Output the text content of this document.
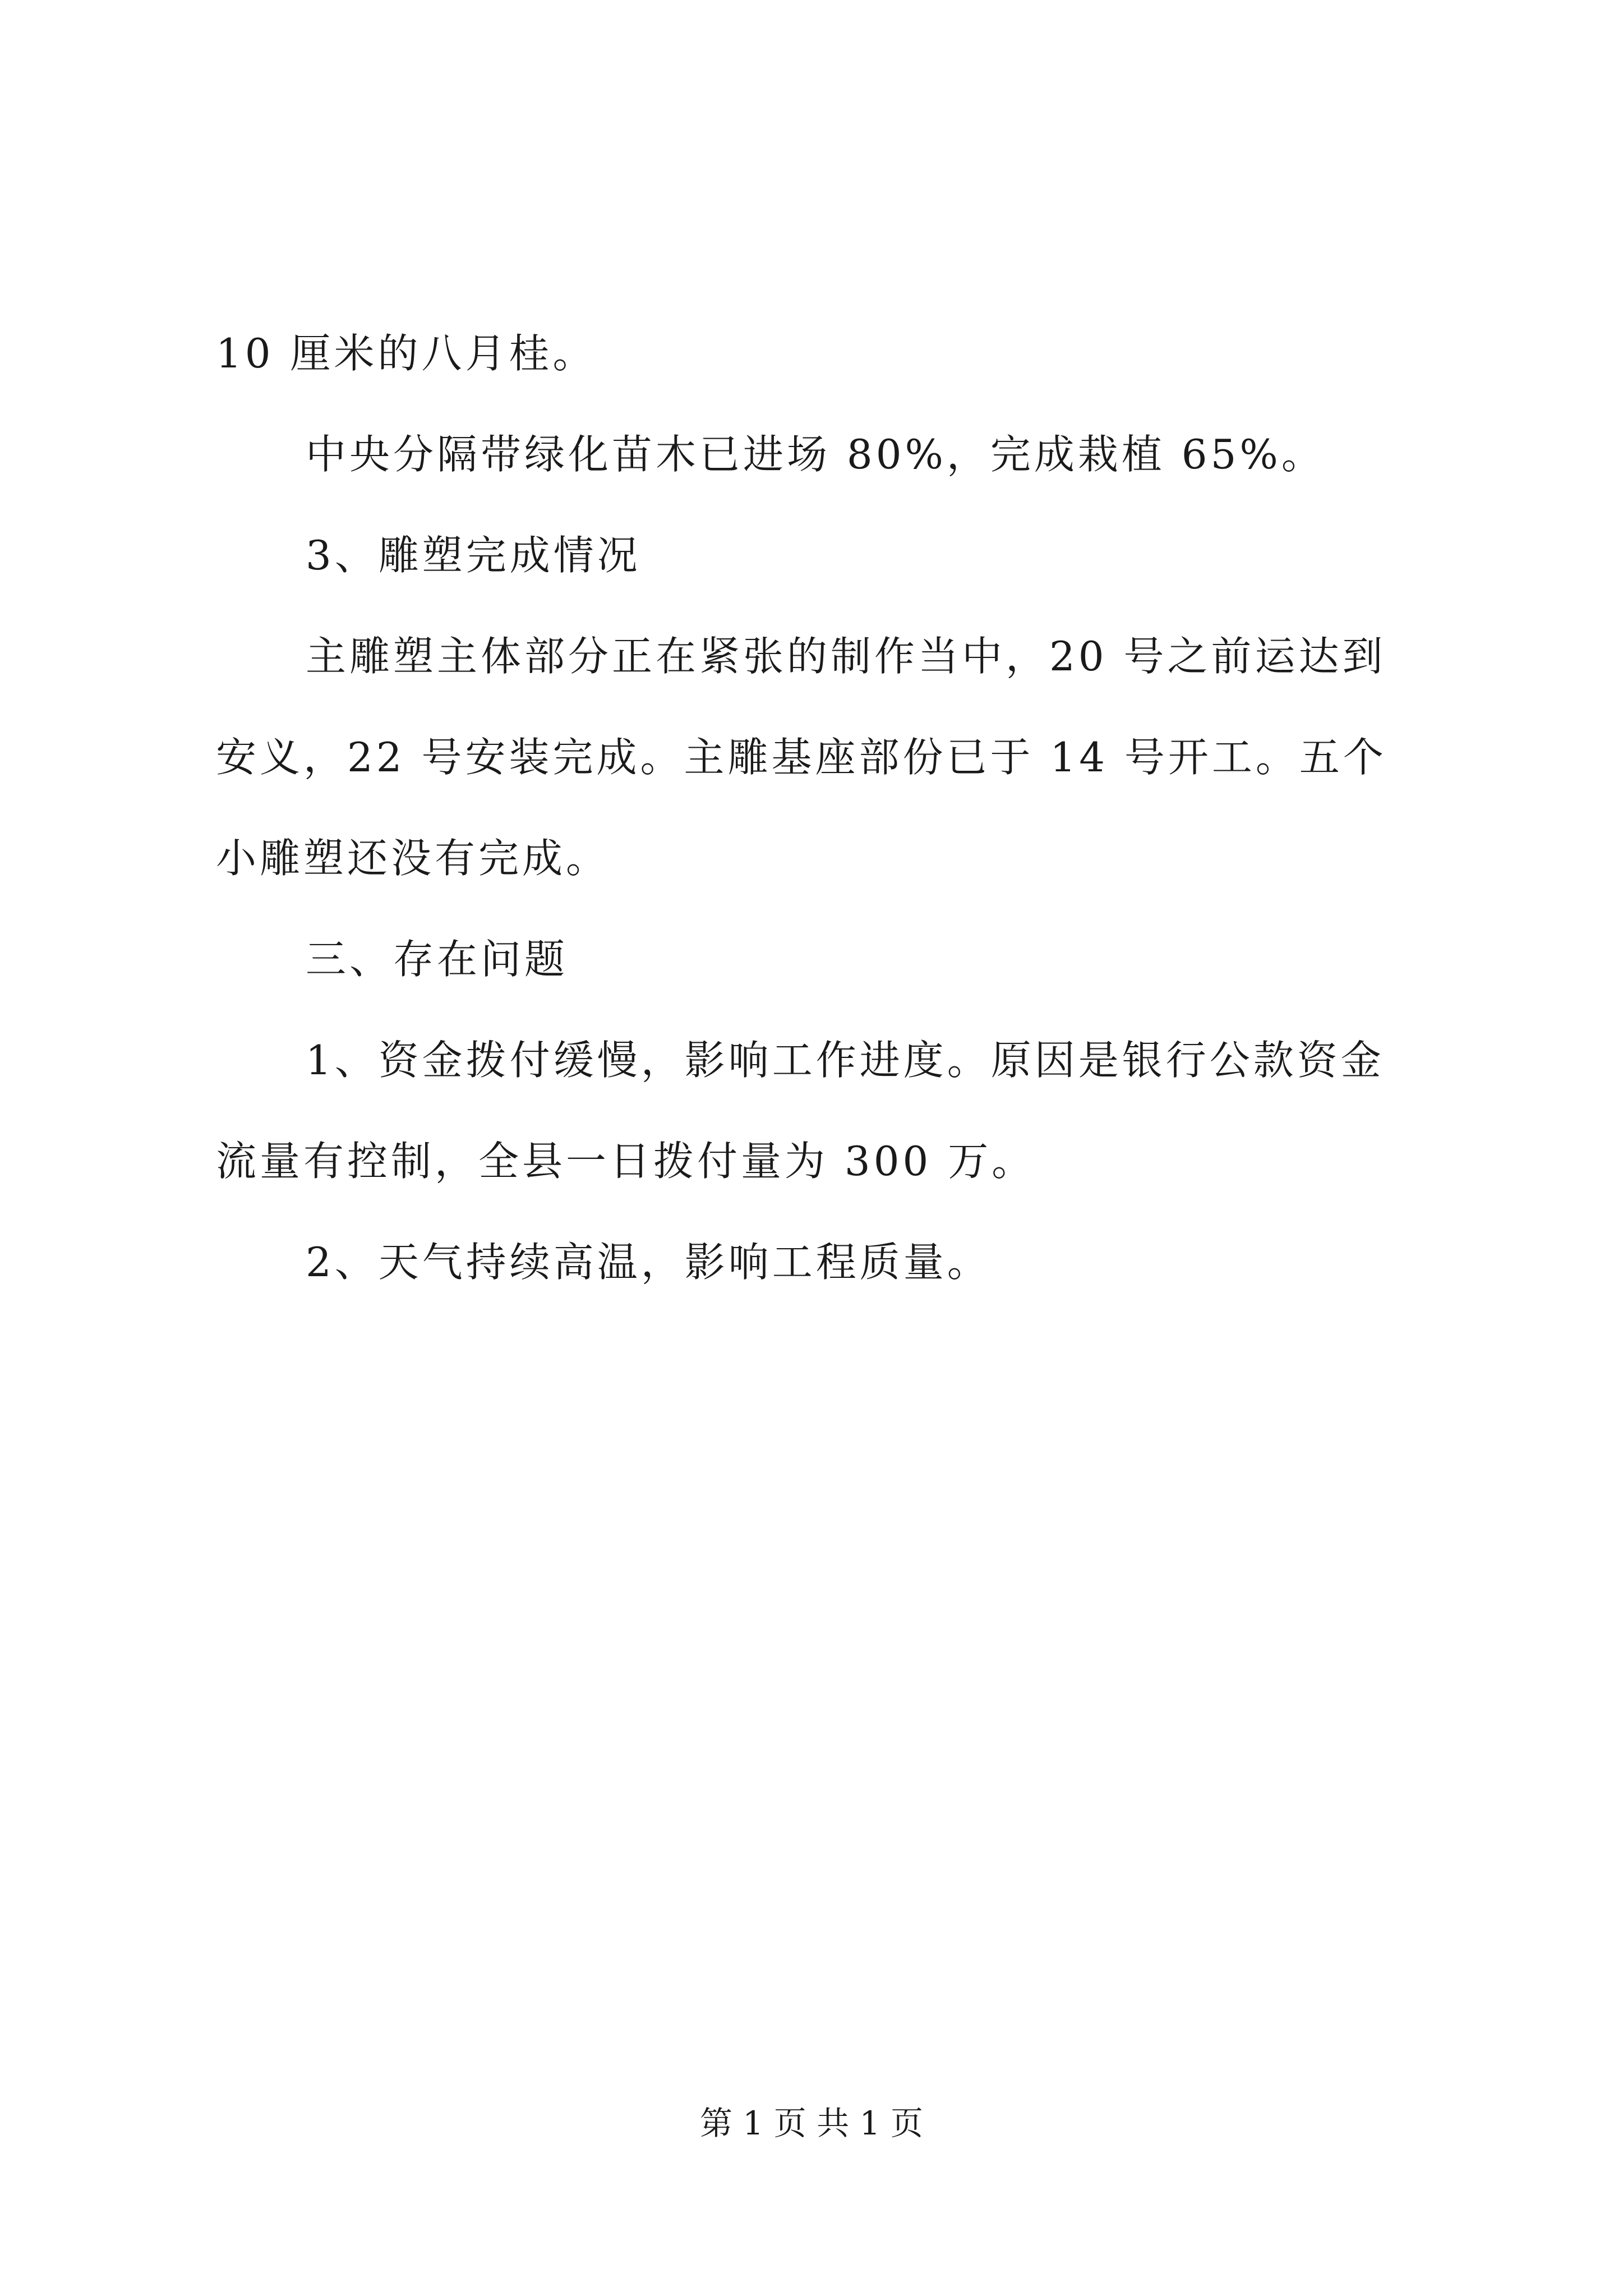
10 厘米的八月桂。

中央分隔带绿化苗木已进场 80%，完成栽植 65%。

3、雕塑完成情况

主雕塑主体部分正在紧张的制作当中，20 号之前运达到安义，22 号安装完成。主雕基座部份已于 14 号开工。五个小雕塑还没有完成。

三、存在问题

1、资金拨付缓慢，影响工作进度。原因是银行公款资金流量有控制，全县一日拨付量为 300 万。

2、天气持续高温，影响工程质量。

第 1 页 共 1 页
